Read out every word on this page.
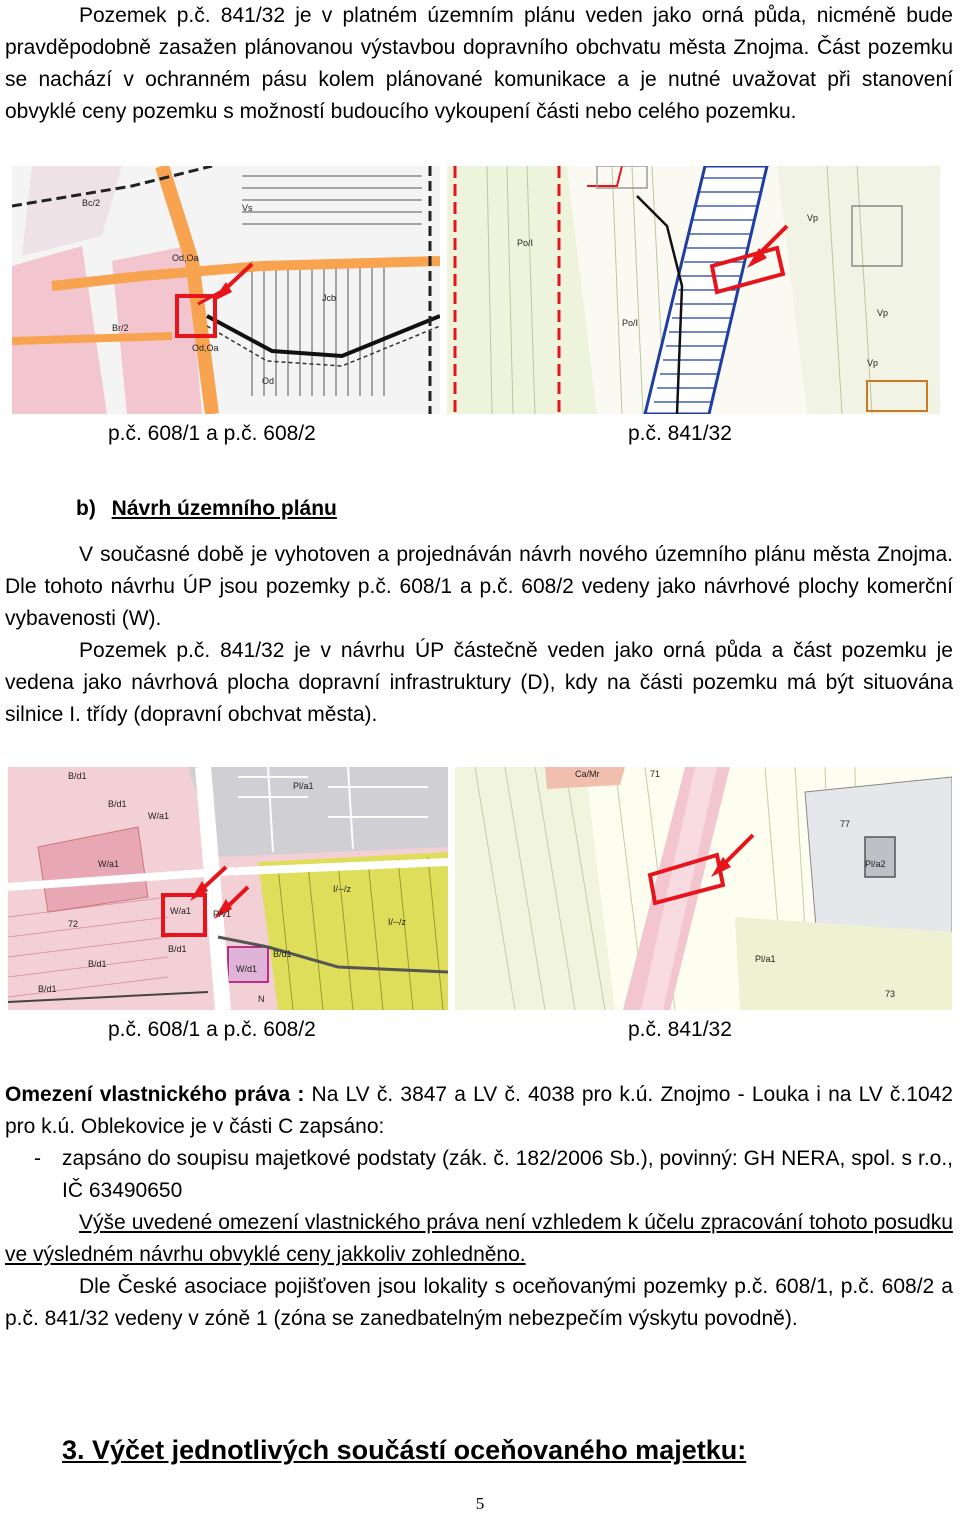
Pozemek p.č. 841/32 je v platném územním plánu veden jako orná půda, nicméně bude pravděpodobně zasažen plánovanou výstavbou dopravního obchvatu města Znojma. Část pozemku se nachází v ochranném pásu kolem plánované komunikace a je nutné uvažovat při stanovení obvyklé ceny pozemku s možností budoucího vykoupení části nebo celého pozemku.

Bc/2	Vs
Od,Oa
Br/2
Od,Oa
Jcb
Od
Po/I
Po/I
Vp
Vp
Vp
p.č. 608/1 a p.č. 608/2	p.č. 841/32
b) Návrh územního plánu

V současné době je vyhotoven a projednáván návrh nového územního plánu města Znojma. Dle tohoto návrhu ÚP jsou pozemky p.č. 608/1 a p.č. 608/2 vedeny jako návrhové plochy komerční vybavenosti (W).

Pozemek p.č. 841/32 je v návrhu ÚP částečně veden jako orná půda a část pozemku je vedena jako návrhová plocha dopravní infrastruktury (D), kdy na části pozemku má být situována silnice I. třídy (dopravní obchvat města).

B/d1
B/d1
W/a1
Pl/a1
W/a1
W/a1 P/v1
I/--/z
I/--/z
72
B/d1
B/d1	W/d1
B/d1
N
B/d1
Ca/Mr	71
77
Pl/a1
Pl/a2
73
p.č. 608/1 a p.č. 608/2	p.č. 841/32

Omezení vlastnického práva : Na LV č. 3847 a LV č. 4038 pro k.ú. Znojmo - Louka i na LV č.1042 pro k.ú. Oblekovice je v části C zapsáno:

- zapsáno do soupisu majetkové podstaty (zák. č. 182/2006 Sb.), povinný: GH NERA, spol. s r.o., IČ 63490650

Výše uvedené omezení vlastnického práva není vzhledem k účelu zpracování tohoto posudku ve výsledném návrhu obvyklé ceny jakkoliv zohledněno.

Dle České asociace pojišťoven jsou lokality s oceňovanými pozemky p.č. 608/1, p.č. 608/2 a p.č. 841/32 vedeny v zóně 1 (zóna se zanedbatelným nebezpečím výskytu povodně).

3. Výčet jednotlivých součástí oceňovaného majetku:
5
